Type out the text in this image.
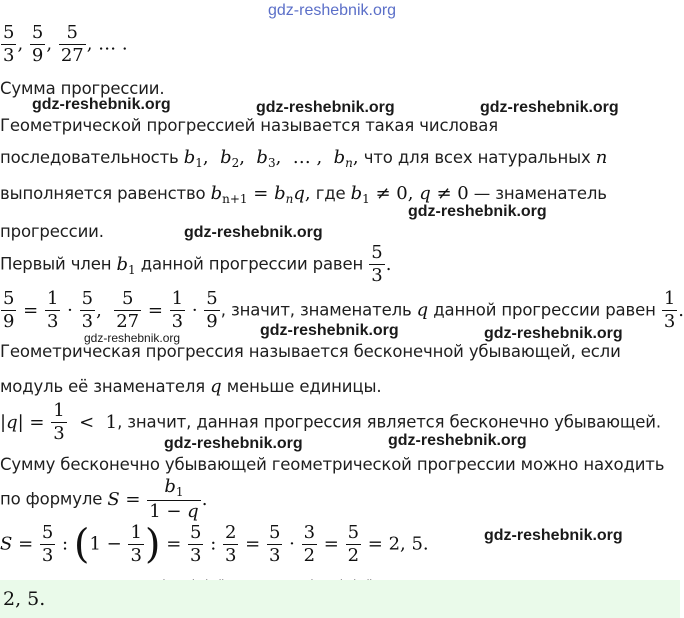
gdz-reshebnik.org
$\frac{5}{3}$ , $\frac{5}{9}$ , $\frac{5}{27}$ , … .
Сумма прогрессии.
gdz-reshebnik.org	gdz-reshebnik.org	gdz-reshebnik.org
Геометрической прогрессией называется такая числовая
последовательность $b_1$,  $b_2$,  $b_3$,  … ,  $b_n$, что для всех натуральных n
выполняется равенство $b_{n+1} = b_nq$, где $b_1 \ne 0$, q ≠ 0 — знаменатель
gdz-reshebnik.org
прогрессии.	gdz-reshebnik.org
Первый член $b_1$ данной прогрессии равен $\frac{5}{3}$ .
$\frac{5}{9} = \frac{1}{3} \cdot \frac{5}{3}$ , $\frac{5}{27} = \frac{1}{3} \cdot \frac{5}{9}$ , значит, знаменатель q данной прогрессии равен $\frac{1}{3}$ .
gdz-reshebnik.org	gdz-reshebnik.org
Геометрическая прогрессия называется бесконечной убывающей, если
модуль её знаменателя q меньше единицы.
$|q| = \frac{1}{3} < 1$, значит, данная прогрессия является бесконечно убывающей.
gdz-reshebnik.org	gdz-reshebnik.org
Сумму бесконечно убывающей геометрической прогрессии можно находить
по формуле $S = \frac{b_1}{1 - q}$ .
$S = \frac{5}{3}$ : ($1 - \frac{1}{3}$ ) = $\frac{5}{3}$ : $\frac{2}{3} = \frac{5}{3} \cdot \frac{3}{2} = \frac{5}{2} = 2$, 5.	gdz-reshebnik.org
gdz-reshebnik.org
2, 5.
